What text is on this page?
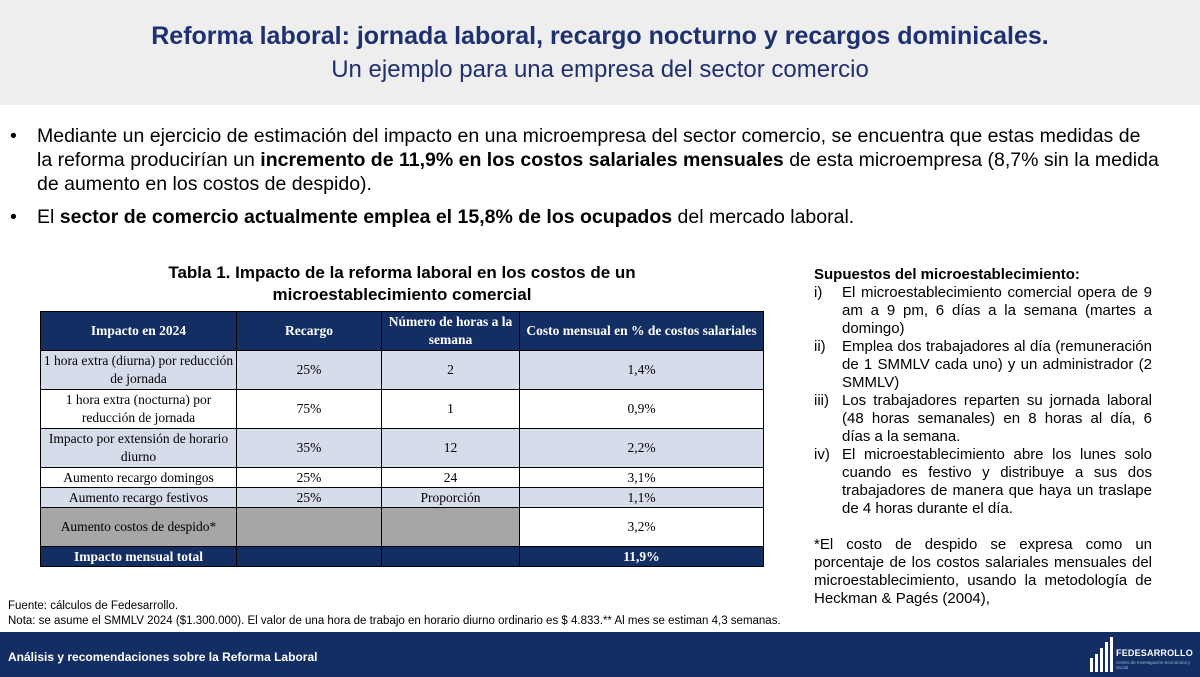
Reforma laboral: jornada laboral, recargo nocturno y recargos dominicales.
Un ejemplo para una empresa del sector comercio
• Mediante un ejercicio de estimación del impacto en una microempresa del sector comercio, se encuentra que estas medidas de la reforma producirían un incremento de 11,9% en los costos salariales mensuales de esta microempresa (8,7% sin la medida de aumento en los costos de despido).
• El sector de comercio actualmente emplea el 15,8% de los ocupados del mercado laboral.
Tabla 1. Impacto de la reforma laboral en los costos de un
microestablecimiento comercial
Impacto en 2024	Recargo	Número de horas a la semana	Costo mensual en % de costos salariales
1 hora extra (diurna) por reducción de jornada	25%	2	1,4%
1 hora extra (nocturna) por reducción de jornada	75%	1	0,9%
Impacto por extensión de horario diurno	35%	12	2,2%
Aumento recargo domingos	25%	24	3,1%
Aumento recargo festivos	25%	Proporción	1,1%
Aumento costos de despido*			3,2%
Impacto mensual total			11,9%
Supuestos del microestablecimiento:
i) El microestablecimiento comercial opera de 9 am a 9 pm, 6 días a la semana (martes a domingo)
ii) Emplea dos trabajadores al día (remuneración de 1 SMMLV cada uno) y un administrador (2 SMMLV)
iii) Los trabajadores reparten su jornada laboral (48 horas semanales) en 8 horas al día, 6 días a la semana.
iv) El microestablecimiento abre los lunes solo cuando es festivo y distribuye a sus dos trabajadores de manera que haya un traslape de 4 horas durante el día.
*El costo de despido se expresa como un porcentaje de los costos salariales mensuales del microestablecimiento, usando la metodología de Heckman & Pagés (2004),
Fuente: cálculos de Fedesarrollo.
Nota: se asume el SMMLV 2024 ($1.300.000). El valor de una hora de trabajo en horario diurno ordinario es $ 4.833.** Al mes se estiman 4,3 semanas.
Análisis y recomendaciones sobre la Reforma Laboral	FEDESARROLLO
Centro de Investigación Económica y Social
